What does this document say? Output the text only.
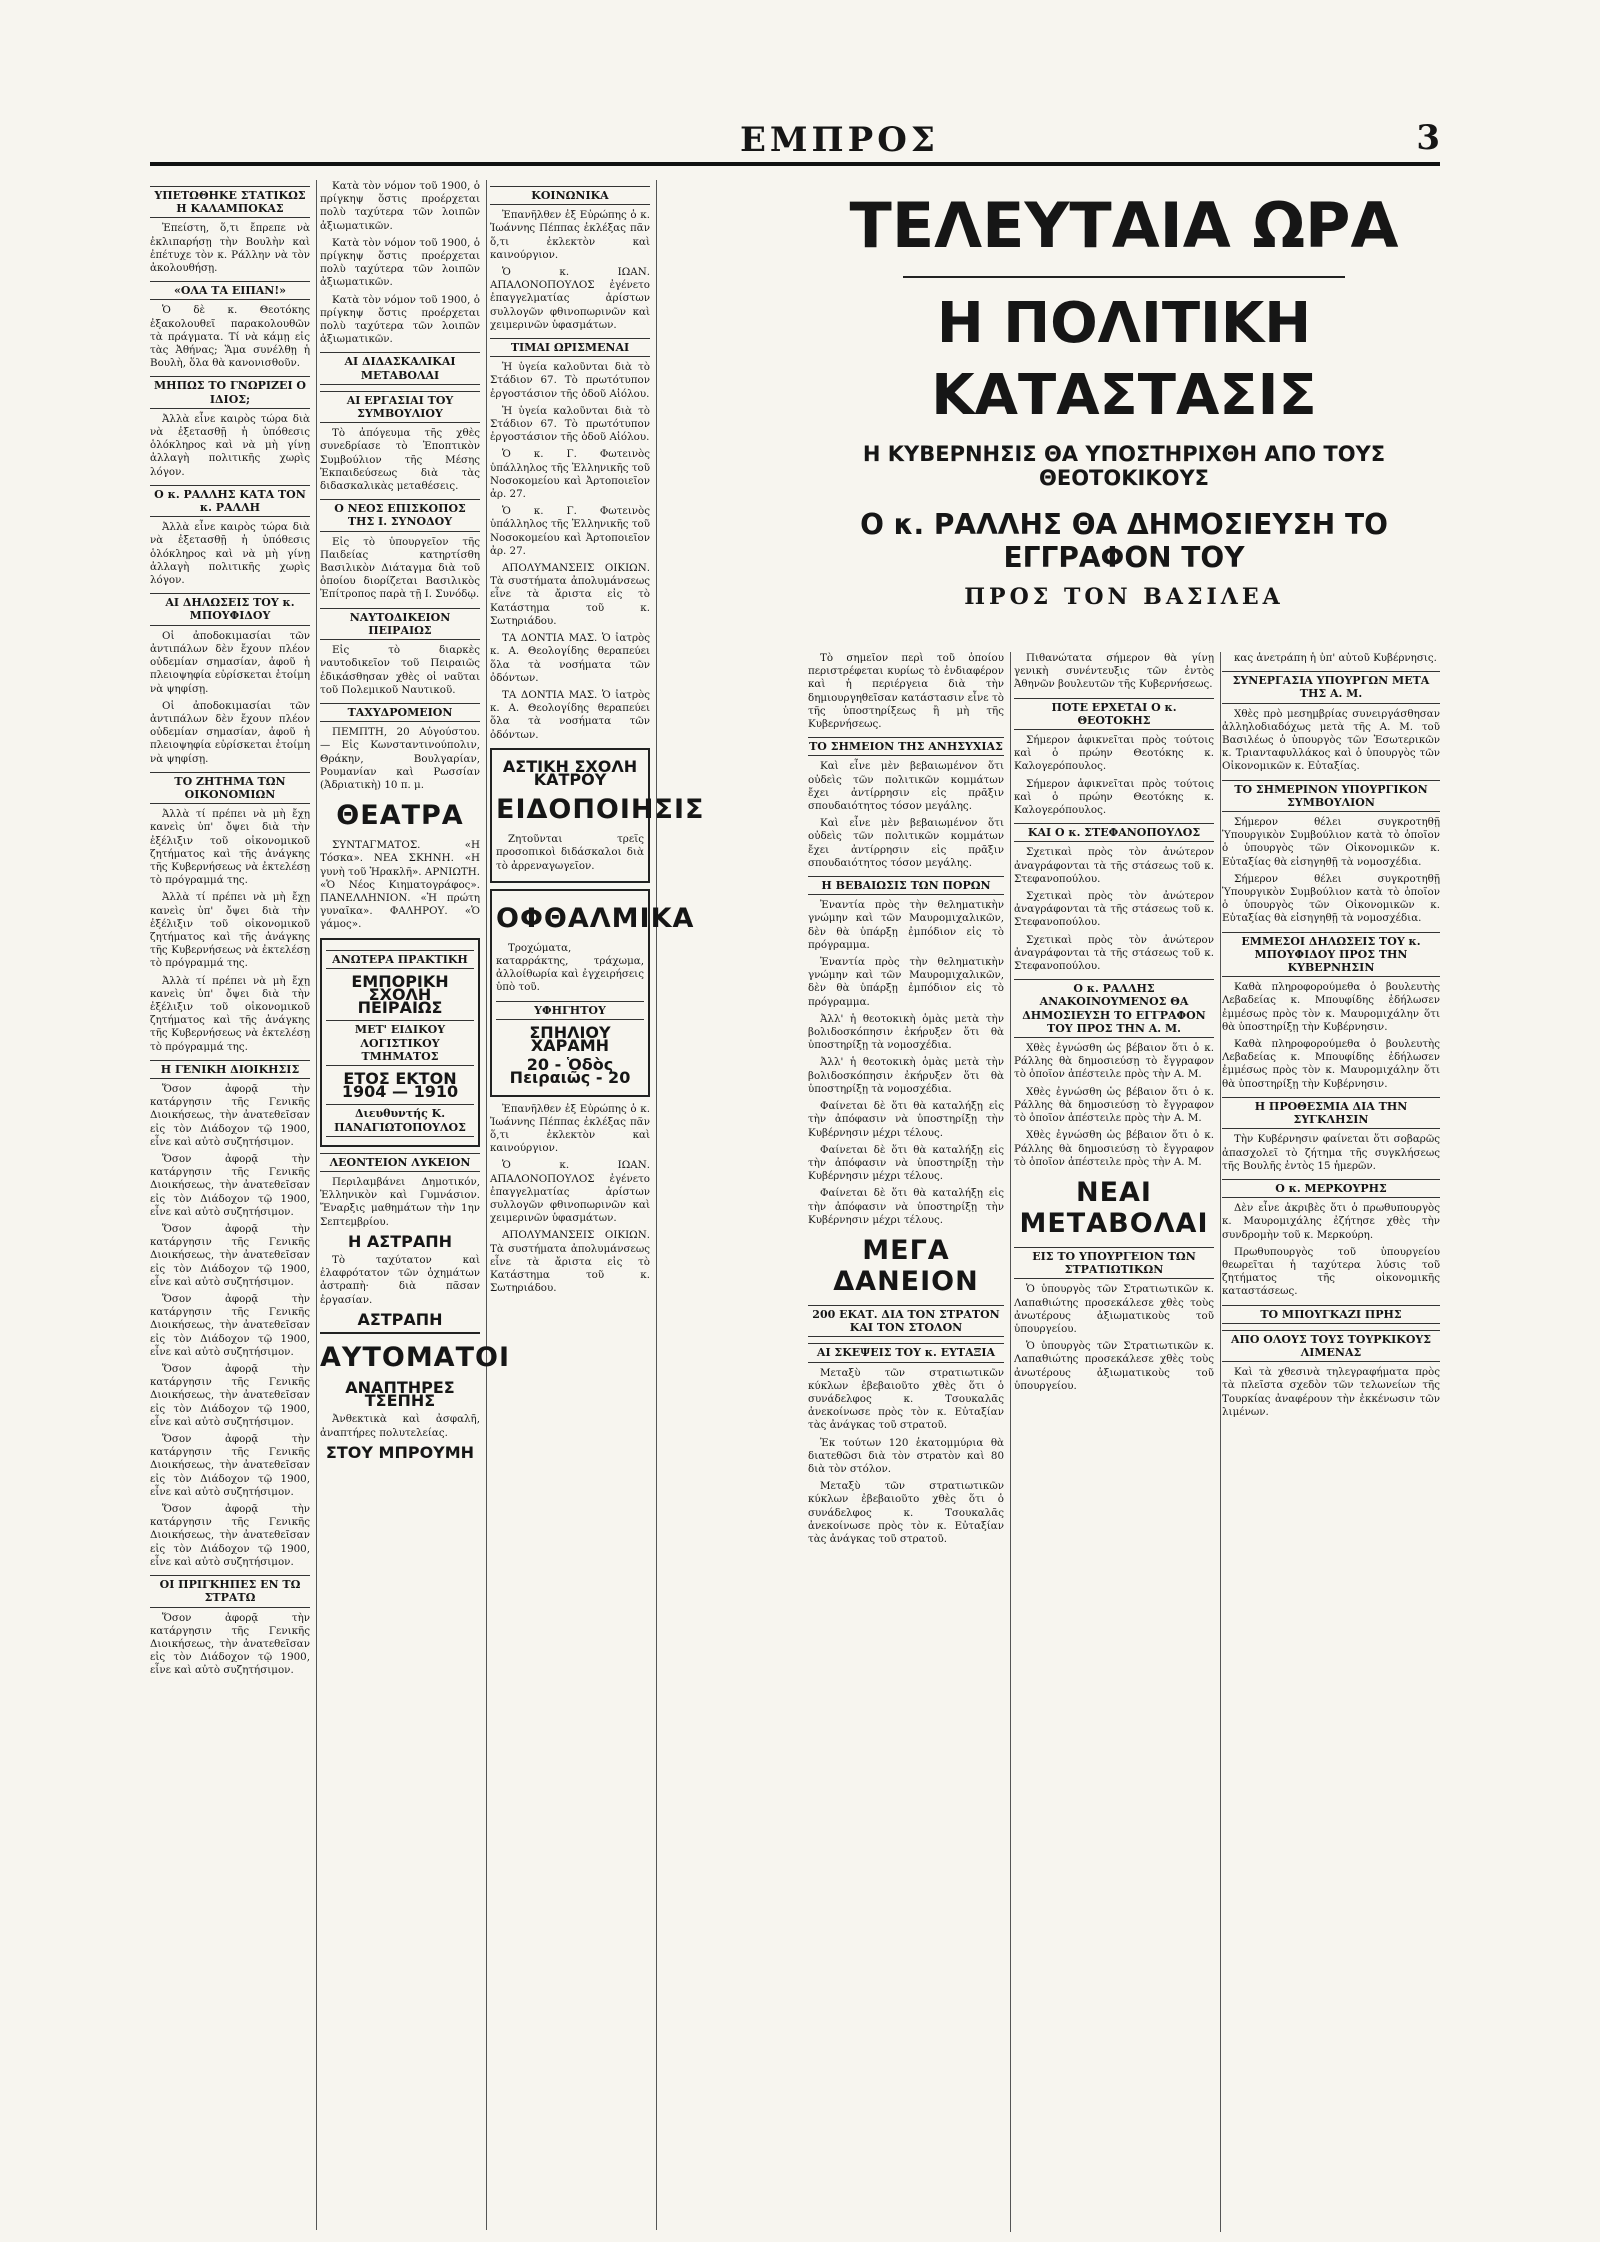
ΕΜΠΡΟΣ	3
ΥΠΕΤΩΘΗΚΕ ΣΤΑΤΙΚΩΣ Η ΚΑΛΑΜΠΟΚΑΣ

Ἐπείστη, ὅ,τι ἔπρεπε νὰ ἐκλιπαρήσῃ τὴν Βουλὴν καὶ ἐπέτυχε τὸν κ. Ράλλην νὰ τὸν ἀκολουθήσῃ.

«ΟΛΑ ΤΑ ΕΙΠΑΝ!»

Ὁ δὲ κ. Θεοτόκης ἐξακολουθεῖ παρακολουθῶν τὰ πράγματα. Τί νὰ κάμῃ εἰς τὰς Ἀθήνας; Ἅμα συνέλθῃ ἡ Βουλὴ, ὅλα θὰ κανονισθοῦν.

ΜΗΠΩΣ ΤΟ ΓΝΩΡΙΖΕΙ Ο ΙΔΙΟΣ;

Ἀλλὰ εἶνε καιρὸς τώρα διὰ νὰ ἐξετασθῇ ἡ ὑπόθεσις ὁλόκληρος καὶ νὰ μὴ γίνῃ ἀλλαγὴ πολιτικῆς χωρὶς λόγον.

Ο κ. ΡΑΛΛΗΣ ΚΑΤΑ ΤΟΝ κ. ΡΑΛΛΗ

Ἀλλὰ εἶνε καιρὸς τώρα διὰ νὰ ἐξετασθῇ ἡ ὑπόθεσις ὁλόκληρος καὶ νὰ μὴ γίνῃ ἀλλαγὴ πολιτικῆς χωρὶς λόγον.

ΑΙ ΔΗΛΩΣΕΙΣ ΤΟΥ κ. ΜΠΟΥΦΙΔΟΥ

Οἱ ἀποδοκιμασίαι τῶν ἀντιπάλων δὲν ἔχουν πλέον οὐδεμίαν σημασίαν, ἀφοῦ ἡ πλειοψηφία εὑρίσκεται ἑτοίμη νὰ ψηφίσῃ.

Οἱ ἀποδοκιμασίαι τῶν ἀντιπάλων δὲν ἔχουν πλέον οὐδεμίαν σημασίαν, ἀφοῦ ἡ πλειοψηφία εὑρίσκεται ἑτοίμη νὰ ψηφίσῃ.

ΤΟ ΖΗΤΗΜΑ ΤΩΝ ΟΙΚΟΝΟΜΙΩΝ

Ἀλλὰ τί πρέπει νὰ μὴ ἔχῃ κανεὶς ὑπ' ὄψει διὰ τὴν ἐξέλιξιν τοῦ οἰκονομικοῦ ζητήματος καὶ τῆς ἀνάγκης τῆς Κυβερνήσεως νὰ ἐκτελέσῃ τὸ πρόγραμμά της.

Ἀλλὰ τί πρέπει νὰ μὴ ἔχῃ κανεὶς ὑπ' ὄψει διὰ τὴν ἐξέλιξιν τοῦ οἰκονομικοῦ ζητήματος καὶ τῆς ἀνάγκης τῆς Κυβερνήσεως νὰ ἐκτελέσῃ τὸ πρόγραμμά της.

Ἀλλὰ τί πρέπει νὰ μὴ ἔχῃ κανεὶς ὑπ' ὄψει διὰ τὴν ἐξέλιξιν τοῦ οἰκονομικοῦ ζητήματος καὶ τῆς ἀνάγκης τῆς Κυβερνήσεως νὰ ἐκτελέσῃ τὸ πρόγραμμά της.

Η ΓΕΝΙΚΗ ΔΙΟΙΚΗΣΙΣ

Ὅσον ἀφορᾷ τὴν κατάργησιν τῆς Γενικῆς Διοικήσεως, τὴν ἀνατεθεῖσαν εἰς τὸν Διάδοχον τῷ 1900, εἶνε καὶ αὐτὸ συζητήσιμον.

Ὅσον ἀφορᾷ τὴν κατάργησιν τῆς Γενικῆς Διοικήσεως, τὴν ἀνατεθεῖσαν εἰς τὸν Διάδοχον τῷ 1900, εἶνε καὶ αὐτὸ συζητήσιμον.

Ὅσον ἀφορᾷ τὴν κατάργησιν τῆς Γενικῆς Διοικήσεως, τὴν ἀνατεθεῖσαν εἰς τὸν Διάδοχον τῷ 1900, εἶνε καὶ αὐτὸ συζητήσιμον.

Ὅσον ἀφορᾷ τὴν κατάργησιν τῆς Γενικῆς Διοικήσεως, τὴν ἀνατεθεῖσαν εἰς τὸν Διάδοχον τῷ 1900, εἶνε καὶ αὐτὸ συζητήσιμον.

Ὅσον ἀφορᾷ τὴν κατάργησιν τῆς Γενικῆς Διοικήσεως, τὴν ἀνατεθεῖσαν εἰς τὸν Διάδοχον τῷ 1900, εἶνε καὶ αὐτὸ συζητήσιμον.

Ὅσον ἀφορᾷ τὴν κατάργησιν τῆς Γενικῆς Διοικήσεως, τὴν ἀνατεθεῖσαν εἰς τὸν Διάδοχον τῷ 1900, εἶνε καὶ αὐτὸ συζητήσιμον.

Ὅσον ἀφορᾷ τὴν κατάργησιν τῆς Γενικῆς Διοικήσεως, τὴν ἀνατεθεῖσαν εἰς τὸν Διάδοχον τῷ 1900, εἶνε καὶ αὐτὸ συζητήσιμον.

ΟΙ ΠΡΙΓΚΗΠΕΣ ΕΝ ΤΩ ΣΤΡΑΤΩ

Ὅσον ἀφορᾷ τὴν κατάργησιν τῆς Γενικῆς Διοικήσεως, τὴν ἀνατεθεῖσαν εἰς τὸν Διάδοχον τῷ 1900, εἶνε καὶ αὐτὸ συζητήσιμον.

Κατὰ τὸν νόμον τοῦ 1900, ὁ πρίγκηψ ὅστις προέρχεται πολὺ ταχύτερα τῶν λοιπῶν ἀξιωματικῶν.

Κατὰ τὸν νόμον τοῦ 1900, ὁ πρίγκηψ ὅστις προέρχεται πολὺ ταχύτερα τῶν λοιπῶν ἀξιωματικῶν.

Κατὰ τὸν νόμον τοῦ 1900, ὁ πρίγκηψ ὅστις προέρχεται πολὺ ταχύτερα τῶν λοιπῶν ἀξιωματικῶν.

ΑΙ ΔΙΔΑΣΚΑΛΙΚΑΙ ΜΕΤΑΒΟΛΑΙ
ΑΙ ΕΡΓΑΣΙΑΙ ΤΟΥ ΣΥΜΒΟΥΛΙΟΥ

Τὸ ἀπόγευμα τῆς χθὲς συνεδρίασε τὸ Ἐποπτικὸν Συμβούλιον τῆς Μέσης Ἐκπαιδεύσεως διὰ τὰς διδασκαλικὰς μεταθέσεις.

Ο ΝΕΟΣ ΕΠΙΣΚΟΠΟΣ ΤΗΣ Ι. ΣΥΝΟΔΟΥ

Εἰς τὸ ὑπουργεῖον τῆς Παιδείας κατηρτίσθη Βασιλικὸν Διάταγμα διὰ τοῦ ὁποίου διορίζεται Βασιλικὸς Ἐπίτροπος παρὰ τῇ Ι. Συνόδῳ.

ΝΑΥΤΟΔΙΚΕΙΟΝ ΠΕΙΡΑΙΩΣ

Εἰς τὸ διαρκὲς ναυτοδικεῖον τοῦ Πειραιῶς ἐδικάσθησαν χθὲς οἱ ναῦται τοῦ Πολεμικοῦ Ναυτικοῦ.

ΤΑΧΥΔΡΟΜΕΙΟΝ

ΠΕΜΠΤΗ, 20 Αὐγούστου. — Εἰς Κωνσταντινούπολιν, Θράκην, Βουλγαρίαν, Ρουμανίαν καὶ Ρωσσίαν (Ἀδριατικὴ) 10 π. μ.

ΘΕΑΤΡΑ

ΣΥΝΤΑΓΜΑΤΟΣ. «Η Τόσκα». ΝΕΑ ΣΚΗΝΗ. «Η γυνὴ τοῦ Ἡρακλῆ». ΑΡΝΙΩΤΗ. «Ὁ Νέος Κιηματογράφος». ΠΑΝΕΛΛΗΝΙΟΝ. «Ἡ πρώτη γυναῖκα». ΦΑΛΗΡΟΥ. «Ὁ γάμος».

ΑΝΩΤΕΡΑ ΠΡΑΚΤΙΚΗ
ΕΜΠΟΡΙΚΗ ΣΧΟΛΗ ΠΕΙΡΑΙΩΣ
ΜΕΤ' ΕΙΔΙΚΟΥ ΛΟΓΙΣΤΙΚΟΥ ΤΜΗΜΑΤΟΣ
ΕΤΟΣ ΕΚΤΟΝ 1904 — 1910
Διευθυντής Κ. ΠΑΝΑΓΙΩΤΟΠΟΥΛΟΣ
ΛΕΟΝΤΕΙΟΝ ΛΥΚΕΙΟΝ

Περιλαμβάνει Δημοτικόν, Ἑλληνικὸν καὶ Γυμνάσιον. Ἔναρξις μαθημάτων τὴν 1ην Σεπτεμβρίου.

Η ΑΣΤΡΑΠΗ

Τὸ ταχύτατον καὶ ἐλαφρότατον τῶν ὀχημάτων ἀστραπὴ· διὰ πᾶσαν ἐργασίαν.

ΑΣΤΡΑΠΗ
ΑΥΤΟΜΑΤΟΙ
ΑΝΑΠΤΗΡΕΣ ΤΣΕΠΗΣ

Ἀνθεκτικὰ καὶ ἀσφαλῆ, ἀναπτήρες πολυτελείας.

ΣΤΟΥ ΜΠΡΟΥΜΗ
ΚΟΙΝΩΝΙΚΑ

Ἐπανῆλθεν ἐξ Εὐρώπης ὁ κ. Ἰωάννης Πέππας ἐκλέξας πᾶν ὅ,τι ἐκλεκτὸν καὶ καινούργιον.

Ὁ κ. ΙΩΑΝ. ΑΠΑΛΟΝΟΠΟΥΛΟΣ ἐγένετο ἐπαγγελματίας ἀρίστων συλλογῶν φθινοπωρινῶν καὶ χειμερινῶν ὑφασμάτων.

ΤΙΜΑΙ ΩΡΙΣΜΕΝΑΙ

Ἡ ὑγεία καλοῦνται διὰ τὸ Στάδιον 67. Τὸ πρωτότυπον ἐργοστάσιον τῆς ὁδοῦ Αἰόλου.

Ἡ ὑγεία καλοῦνται διὰ τὸ Στάδιον 67. Τὸ πρωτότυπον ἐργοστάσιον τῆς ὁδοῦ Αἰόλου.

Ὁ κ. Γ. Φωτεινὸς ὑπάλληλος τῆς Ἐλληνικῆς τοῦ Νοσοκομείου καὶ Ἀρτοποιεῖον ἀρ. 27.

Ὁ κ. Γ. Φωτεινὸς ὑπάλληλος τῆς Ἐλληνικῆς τοῦ Νοσοκομείου καὶ Ἀρτοποιεῖον ἀρ. 27.

ΑΠΟΛΥΜΑΝΣΕΙΣ ΟΙΚΙΩΝ. Τὰ συστήματα ἀπολυμάνσεως εἶνε τὰ ἄριστα εἰς τὸ Κατάστημα τοῦ κ. Σωτηριάδου.

ΤΑ ΔΟΝΤΙΑ ΜΑΣ. Ὁ ἰατρὸς κ. Α. Θεολογίδης θεραπεύει ὅλα τὰ νοσήματα τῶν ὀδόντων.

ΤΑ ΔΟΝΤΙΑ ΜΑΣ. Ὁ ἰατρὸς κ. Α. Θεολογίδης θεραπεύει ὅλα τὰ νοσήματα τῶν ὀδόντων.

ΑΣΤΙΚΗ ΣΧΟΛΗ ΚΑΤΡΟΥ
ΕΙΔΟΠΟΙΗΣΙΣ

Ζητοῦνται τρεῖς προσοπικοὶ διδάσκαλοι διὰ τὸ ἀρρεναγωγεῖον.

ΟΦΘΑΛΜΙΚΑ

Τροχώματα, καταρράκτης, τράχωμα, ἀλλοίθωρία καὶ ἐγχειρήσεις ὑπὸ τοῦ.

ΥΦΗΓΗΤΟΥ
ΣΠΗΛΙΟΥ ΧΑΡΑΜΗ
20 - Ὁδὸς Πειραιῶς - 20

Ἐπανῆλθεν ἐξ Εὐρώπης ὁ κ. Ἰωάννης Πέππας ἐκλέξας πᾶν ὅ,τι ἐκλεκτὸν καὶ καινούργιον.

Ὁ κ. ΙΩΑΝ. ΑΠΑΛΟΝΟΠΟΥΛΟΣ ἐγένετο ἐπαγγελματίας ἀρίστων συλλογῶν φθινοπωρινῶν καὶ χειμερινῶν ὑφασμάτων.

ΑΠΟΛΥΜΑΝΣΕΙΣ ΟΙΚΙΩΝ. Τὰ συστήματα ἀπολυμάνσεως εἶνε τὰ ἄριστα εἰς τὸ Κατάστημα τοῦ κ. Σωτηριάδου.

ΤΕΛΕΥΤΑΙΑ ΩΡΑ
Η ΠΟΛΙΤΙΚΗ ΚΑΤΑΣΤΑΣΙΣ
Η ΚΥΒΕΡΝΗΣΙΣ ΘΑ ΥΠΟΣΤΗΡΙΧΘΗ ΑΠΟ ΤΟΥΣ ΘΕΟΤΟΚΙΚΟΥΣ
Ο κ. ΡΑΛΛΗΣ ΘΑ ΔΗΜΟΣΙΕΥΣΗ ΤΟ ΕΓΓΡΑΦΟΝ ΤΟΥ
ΠΡΟΣ ΤΟΝ ΒΑΣΙΛΕΑ

Τὸ σημεῖον περὶ τοῦ ὁποίου περιστρέφεται κυρίως τὸ ἐνδιαφέρον καὶ ἡ περιέργεια διὰ τὴν δημιουργηθεῖσαν κατάστασιν εἶνε τὸ τῆς ὑποστηρίξεως ἢ μὴ τῆς Κυβερνήσεως.

ΤΟ ΣΗΜΕΙΟΝ ΤΗΣ ΑΝΗΣΥΧΙΑΣ

Καὶ εἶνε μὲν βεβαιωμένον ὅτι οὐδεὶς τῶν πολιτικῶν κομμάτων ἔχει ἀντίρρησιν εἰς πρᾶξιν σπουδαιότητος τόσον μεγάλης.

Καὶ εἶνε μὲν βεβαιωμένον ὅτι οὐδεὶς τῶν πολιτικῶν κομμάτων ἔχει ἀντίρρησιν εἰς πρᾶξιν σπουδαιότητος τόσον μεγάλης.

Η ΒΕΒΑΙΩΣΙΣ ΤΩΝ ΠΟΡΩΝ

Ἐναντία πρὸς τὴν θεληματικὴν γνώμην καὶ τῶν Μαυρομιχαλικῶν, δὲν θὰ ὑπάρξῃ ἐμπόδιον εἰς τὸ πρόγραμμα.

Ἐναντία πρὸς τὴν θεληματικὴν γνώμην καὶ τῶν Μαυρομιχαλικῶν, δὲν θὰ ὑπάρξῃ ἐμπόδιον εἰς τὸ πρόγραμμα.

Ἀλλ' ἡ θεοτοκικὴ ὁμὰς μετὰ τὴν βολιδοσκόπησιν ἐκήρυξεν ὅτι θὰ ὑποστηρίξῃ τὰ νομοσχέδια.

Ἀλλ' ἡ θεοτοκικὴ ὁμὰς μετὰ τὴν βολιδοσκόπησιν ἐκήρυξεν ὅτι θὰ ὑποστηρίξῃ τὰ νομοσχέδια.

Φαίνεται δὲ ὅτι θὰ καταλήξῃ εἰς τὴν ἀπόφασιν νὰ ὑποστηρίξῃ τὴν Κυβέρνησιν μέχρι τέλους.

Φαίνεται δὲ ὅτι θὰ καταλήξῃ εἰς τὴν ἀπόφασιν νὰ ὑποστηρίξῃ τὴν Κυβέρνησιν μέχρι τέλους.

Φαίνεται δὲ ὅτι θὰ καταλήξῃ εἰς τὴν ἀπόφασιν νὰ ὑποστηρίξῃ τὴν Κυβέρνησιν μέχρι τέλους.

ΜΕΓΑ ΔΑΝΕΙΟΝ
200 ΕΚΑΤ. ΔΙΑ ΤΟΝ ΣΤΡΑΤΟΝ ΚΑΙ ΤΟΝ ΣΤΟΛΟΝ
ΑΙ ΣΚΕΨΕΙΣ ΤΟΥ κ. ΕΥΤΑΞΙΑ

Μεταξὺ τῶν στρατιωτικῶν κύκλων ἐβεβαιοῦτο χθὲς ὅτι ὁ συνάδελφος κ. Τσουκαλᾶς ἀνεκοίνωσε πρὸς τὸν κ. Εὐταξίαν τὰς ἀνάγκας τοῦ στρατοῦ.

Ἐκ τούτων 120 ἑκατομμύρια θὰ διατεθῶσι διὰ τὸν στρατὸν καὶ 80 διὰ τὸν στόλον.

Μεταξὺ τῶν στρατιωτικῶν κύκλων ἐβεβαιοῦτο χθὲς ὅτι ὁ συνάδελφος κ. Τσουκαλᾶς ἀνεκοίνωσε πρὸς τὸν κ. Εὐταξίαν τὰς ἀνάγκας τοῦ στρατοῦ.

Πιθανώτατα σήμερον θὰ γίνῃ γενικὴ συνέντευξις τῶν ἐντὸς Ἀθηνῶν βουλευτῶν τῆς Κυβερνήσεως.

ΠΟΤΕ ΕΡΧΕΤΑΙ Ο κ. ΘΕΟΤΟΚΗΣ

Σήμερον ἀφικνεῖται πρὸς τούτοις καὶ ὁ πρώην Θεοτόκης κ. Καλογερόπουλος.

Σήμερον ἀφικνεῖται πρὸς τούτοις καὶ ὁ πρώην Θεοτόκης κ. Καλογερόπουλος.

ΚΑΙ Ο κ. ΣΤΕΦΑΝΟΠΟΥΛΟΣ

Σχετικαὶ πρὸς τὸν ἀνώτερον ἀναγράφονται τὰ τῆς στάσεως τοῦ κ. Στεφανοπούλου.

Σχετικαὶ πρὸς τὸν ἀνώτερον ἀναγράφονται τὰ τῆς στάσεως τοῦ κ. Στεφανοπούλου.

Σχετικαὶ πρὸς τὸν ἀνώτερον ἀναγράφονται τὰ τῆς στάσεως τοῦ κ. Στεφανοπούλου.

Ο κ. ΡΑΛΛΗΣ ΑΝΑΚΟΙΝΟΥΜΕΝΟΣ ΘΑ ΔΗΜΟΣΙΕΥΣΗ ΤΟ ΕΓΓΡΑΦΟΝ ΤΟΥ ΠΡΟΣ ΤΗΝ Α. Μ.

Χθὲς ἐγνώσθη ὡς βέβαιον ὅτι ὁ κ. Ράλλης θὰ δημοσιεύσῃ τὸ ἔγγραφον τὸ ὁποῖον ἀπέστειλε πρὸς τὴν Α. Μ.

Χθὲς ἐγνώσθη ὡς βέβαιον ὅτι ὁ κ. Ράλλης θὰ δημοσιεύσῃ τὸ ἔγγραφον τὸ ὁποῖον ἀπέστειλε πρὸς τὴν Α. Μ.

Χθὲς ἐγνώσθη ὡς βέβαιον ὅτι ὁ κ. Ράλλης θὰ δημοσιεύσῃ τὸ ἔγγραφον τὸ ὁποῖον ἀπέστειλε πρὸς τὴν Α. Μ.

ΝΕΑΙ ΜΕΤΑΒΟΛΑΙ
ΕΙΣ ΤΟ ΥΠΟΥΡΓΕΙΟΝ ΤΩΝ ΣΤΡΑΤΙΩΤΙΚΩΝ

Ὁ ὑπουργὸς τῶν Στρατιωτικῶν κ. Λαπαθιώτης προσεκάλεσε χθὲς τοὺς ἀνωτέρους ἀξιωματικοὺς τοῦ ὑπουργείου.

Ὁ ὑπουργὸς τῶν Στρατιωτικῶν κ. Λαπαθιώτης προσεκάλεσε χθὲς τοὺς ἀνωτέρους ἀξιωματικοὺς τοῦ ὑπουργείου.

κας ἀνετράπη ἡ ὑπ' αὐτοῦ Κυβέρνησις.

ΣΥΝΕΡΓΑΣΙΑ ΥΠΟΥΡΓΩΝ ΜΕΤΑ ΤΗΣ Α. Μ.

Χθὲς πρὸ μεσημβρίας συνειργάσθησαν ἀλληλοδιαδόχως μετὰ τῆς Α. Μ. τοῦ Βασιλέως ὁ ὑπουργὸς τῶν Ἐσωτερικῶν κ. Τριανταφυλλάκος καὶ ὁ ὑπουργὸς τῶν Οἰκονομικῶν κ. Εὐταξίας.

ΤΟ ΣΗΜΕΡΙΝΟΝ ΥΠΟΥΡΓΙΚΟΝ ΣΥΜΒΟΥΛΙΟΝ

Σήμερον θέλει συγκροτηθῇ Ὑπουργικὸν Συμβούλιον κατὰ τὸ ὁποῖον ὁ ὑπουργὸς τῶν Οἰκονομικῶν κ. Εὐταξίας θὰ εἰσηγηθῇ τὰ νομοσχέδια.

Σήμερον θέλει συγκροτηθῇ Ὑπουργικὸν Συμβούλιον κατὰ τὸ ὁποῖον ὁ ὑπουργὸς τῶν Οἰκονομικῶν κ. Εὐταξίας θὰ εἰσηγηθῇ τὰ νομοσχέδια.

ΕΜΜΕΣΟΙ ΔΗΛΩΣΕΙΣ ΤΟΥ κ. ΜΠΟΥΦΙΔΟΥ ΠΡΟΣ ΤΗΝ ΚΥΒΕΡΝΗΣΙΝ

Καθὰ πληροφορούμεθα ὁ βουλευτὴς Λεβαδείας κ. Μπουφίδης ἐδήλωσεν ἐμμέσως πρὸς τὸν κ. Μαυρομιχάλην ὅτι θὰ ὑποστηρίξῃ τὴν Κυβέρνησιν.

Καθὰ πληροφορούμεθα ὁ βουλευτὴς Λεβαδείας κ. Μπουφίδης ἐδήλωσεν ἐμμέσως πρὸς τὸν κ. Μαυρομιχάλην ὅτι θὰ ὑποστηρίξῃ τὴν Κυβέρνησιν.

Η ΠΡΟΘΕΣΜΙΑ ΔΙΑ ΤΗΝ ΣΥΓΚΛΗΣΙΝ

Τὴν Κυβέρνησιν φαίνεται ὅτι σοβαρῶς ἀπασχολεῖ τὸ ζήτημα τῆς συγκλήσεως τῆς Βουλῆς ἐντὸς 15 ἡμερῶν.

Ο κ. ΜΕΡΚΟΥΡΗΣ

Δὲν εἶνε ἀκριβὲς ὅτι ὁ πρωθυπουργὸς κ. Μαυρομιχάλης ἐζήτησε χθὲς τὴν συνδρομὴν τοῦ κ. Μερκούρη.

Πρωθυπουργὸς τοῦ ὑπουργείου θεωρεῖται ἡ ταχύτερα λύσις τοῦ ζητήματος τῆς οἰκονομικῆς καταστάσεως.

ΤΟ ΜΠΟΥΓΚΑΖΙ ΠΡΗΣ
ΑΠΟ ΟΛΟΥΣ ΤΟΥΣ ΤΟΥΡΚΙΚΟΥΣ ΛΙΜΕΝΑΣ

Καὶ τὰ χθεσινὰ τηλεγραφήματα πρὸς τὰ πλεῖστα σχεδὸν τῶν τελωνείων τῆς Τουρκίας ἀναφέρουν τὴν ἐκκένωσιν τῶν λιμένων.
